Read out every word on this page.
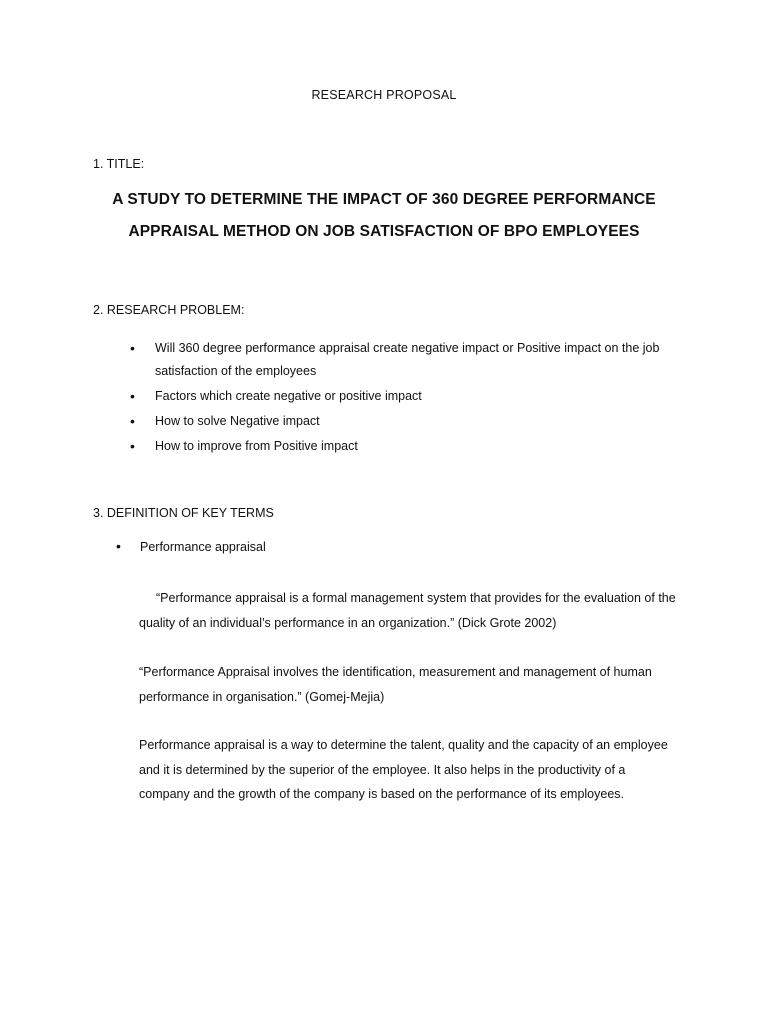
RESEARCH PROPOSAL
1. TITLE:
A STUDY TO DETERMINE THE IMPACT OF 360 DEGREE PERFORMANCE
APPRAISAL METHOD ON JOB SATISFACTION OF BPO EMPLOYEES
2. RESEARCH PROBLEM:
• Will 360 degree performance appraisal create negative impact or Positive impact on the job satisfaction of the employees
• Factors which create negative or positive impact
• How to solve Negative impact
• How to improve from Positive impact
3. DEFINITION OF KEY TERMS
• Performance appraisal

“Performance appraisal is a formal management system that provides for the evaluation of the quality of an individual’s performance in an organization.” (Dick Grote 2002)

“Performance Appraisal involves the identification, measurement and management of human performance in organisation.” (Gomej-Mejia)

Performance appraisal is a way to determine the talent, quality and the capacity of an employee and it is determined by the superior of the employee. It also helps in the productivity of a company and the growth of the company is based on the performance of its employees.
